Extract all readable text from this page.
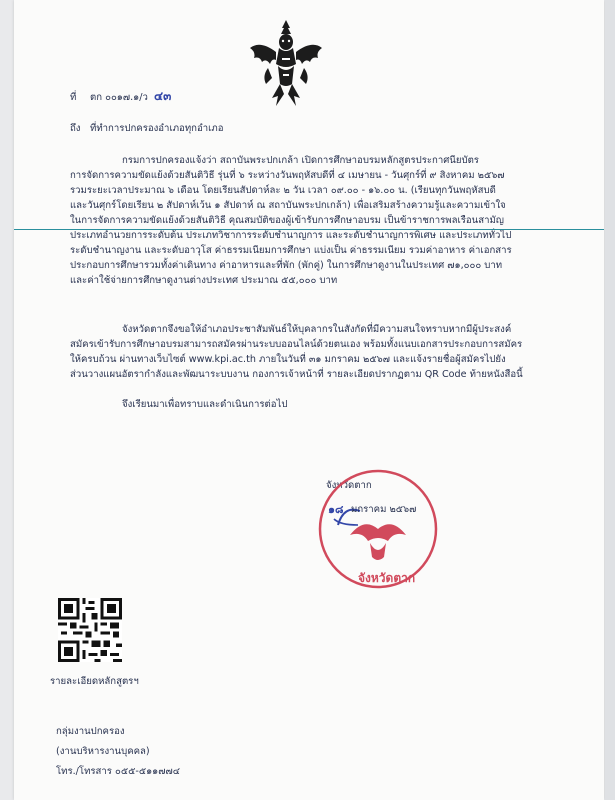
ที่ ตก ๐๐๑๗.๑/ว ๔๓
ถึง ที่ทำการปกครองอำเภอทุกอำเภอ
กรมการปกครองแจ้งว่า สถาบันพระปกเกล้า เปิดการศึกษาอบรมหลักสูตรประกาศนียบัตร
การจัดการความขัดแย้งด้วยสันติวิธี รุ่นที่ ๖ ระหว่างวันพฤหัสบดีที่ ๔ เมษายน - วันศุกร์ที่ ๙ สิงหาคม ๒๕๖๗
รวมระยะเวลาประมาณ ๖ เดือน โดยเรียนสัปดาห์ละ ๒ วัน เวลา ๐๙.๐๐ - ๑๖.๐๐ น. (เรียนทุกวันพฤหัสบดี
และวันศุกร์โดยเรียน ๒ สัปดาห์เว้น ๑ สัปดาห์ ณ สถาบันพระปกเกล้า) เพื่อเสริมสร้างความรู้และความเข้าใจ
ในการจัดการความขัดแย้งด้วยสันติวิธี คุณสมบัติของผู้เข้ารับการศึกษาอบรม เป็นข้าราชการพลเรือนสามัญ
ประเภทอำนวยการระดับต้น ประเภทวิชาการระดับชำนาญการ และระดับชำนาญการพิเศษ และประเภททั่วไป
ระดับชำนาญงาน และระดับอาวุโส ค่าธรรมเนียมการศึกษา แบ่งเป็น ค่าธรรมเนียม รวมค่าอาหาร ค่าเอกสาร
ประกอบการศึกษารวมทั้งค่าเดินทาง ค่าอาหารและที่พัก (พักคู่) ในการศึกษาดูงานในประเทศ ๗๑,๐๐๐ บาท
และค่าใช้จ่ายการศึกษาดูงานต่างประเทศ ประมาณ ๕๕,๐๐๐ บาท
จังหวัดตากจึงขอให้อำเภอประชาสัมพันธ์ให้บุคลากรในสังกัดที่มีความสนใจทราบหากมีผู้ประสงค์
สมัครเข้ารับการศึกษาอบรมสามารถสมัครผ่านระบบออนไลน์ด้วยตนเอง พร้อมทั้งแนบเอกสารประกอบการสมัคร
ให้ครบถ้วน ผ่านทางเว็บไซต์ www.kpi.ac.th ภายในวันที่ ๓๑ มกราคม ๒๕๖๗ และแจ้งรายชื่อผู้สมัครไปยัง
ส่วนวางแผนอัตรากำลังและพัฒนาระบบงาน กองการเจ้าหน้าที่ รายละเอียดปรากฏตาม QR Code ท้ายหนังสือนี้
จึงเรียนมาเพื่อทราบและดำเนินการต่อไป
จังหวัดตาก
๑๘ มกราคม ๒๕๖๗
จังหวัดตาก
รายละเอียดหลักสูตรฯ
กลุ่มงานปกครอง
(งานบริหารงานบุคคล)
โทร./โทรสาร ๐๕๕-๕๑๑๗๗๔
